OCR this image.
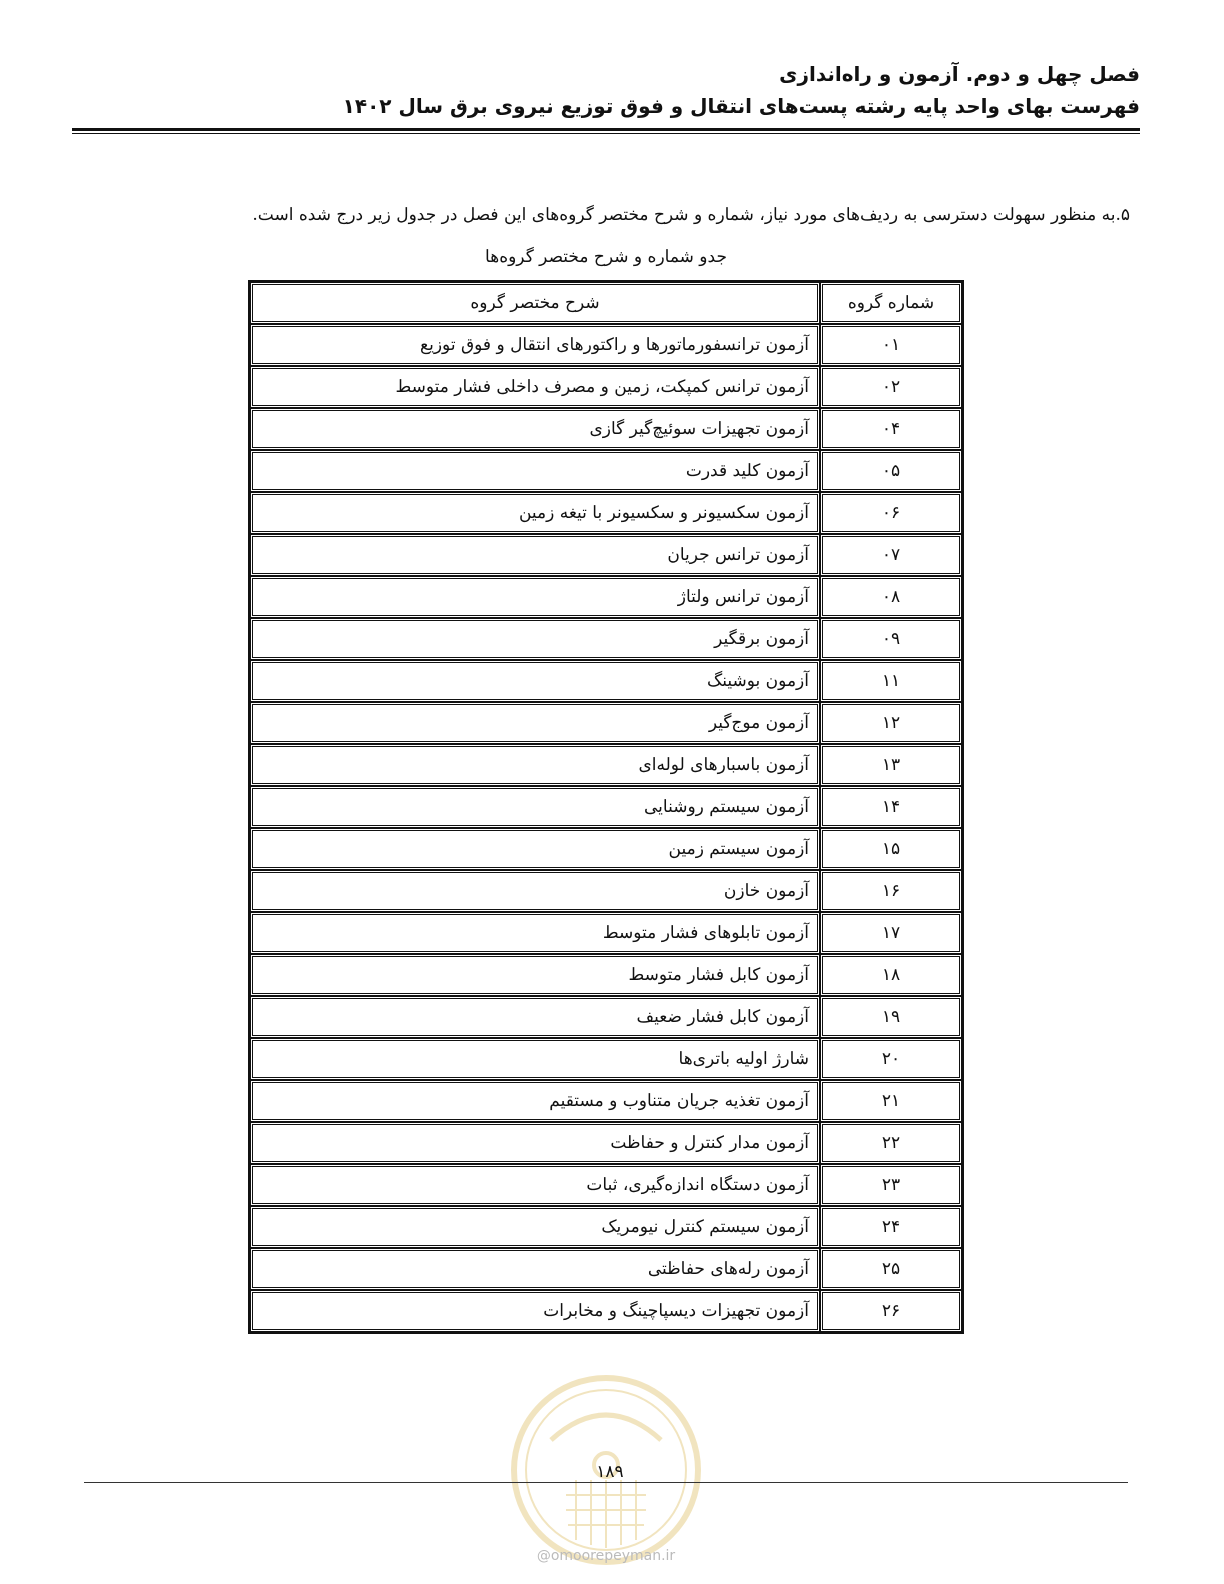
فصل چهل و دوم. آزمون و راه‌اندازی
فهرست بهای واحد پایه رشته پست‌های انتقال و فوق توزیع نیروی برق سال ۱۴۰۲
۵.به منظور سهولت دسترسی به ردیف‌های مورد نیاز، شماره و شرح مختصر گروه‌های این فصل در جدول زیر درج شده است.
جدو شماره و شرح مختصر گروه‌ها
شماره گروه	شرح مختصر گروه
۰۱	آزمون ترانسفورماتورها و راکتورهای انتقال و فوق توزیع
۰۲	آزمون ترانس کمپکت، زمین و مصرف داخلی فشار متوسط
۰۴	آزمون تجهیزات سوئیچ‌گیر گازی
۰۵	آزمون کلید قدرت
۰۶	آزمون سکسیونر و سکسیونر با تیغه زمین
۰۷	آزمون ترانس جریان
۰۸	آزمون ترانس ولتاژ
۰۹	آزمون برقگیر
۱۱	آزمون بوشینگ
۱۲	آزمون موج‌گیر
۱۳	آزمون باسبارهای لوله‌ای
۱۴	آزمون سیستم روشنایی
۱۵	آزمون سیستم زمین
۱۶	آزمون خازن
۱۷	آزمون تابلوهای فشار متوسط
۱۸	آزمون کابل فشار متوسط
۱۹	آزمون کابل فشار ضعیف
۲۰	شارژ اولیه باتری‌ها
۲۱	آزمون تغذیه جریان متناوب و مستقیم
۲۲	آزمون مدار کنترل و حفاظت
۲۳	آزمون دستگاه اندازه‌گیری، ثبات
۲۴	آزمون سیستم کنترل نیومریک
۲۵	آزمون رله‌های حفاظتی
۲۶	آزمون تجهیزات دیسپاچینگ و مخابرات
۱۸۹
@omoorepeyman.ir
